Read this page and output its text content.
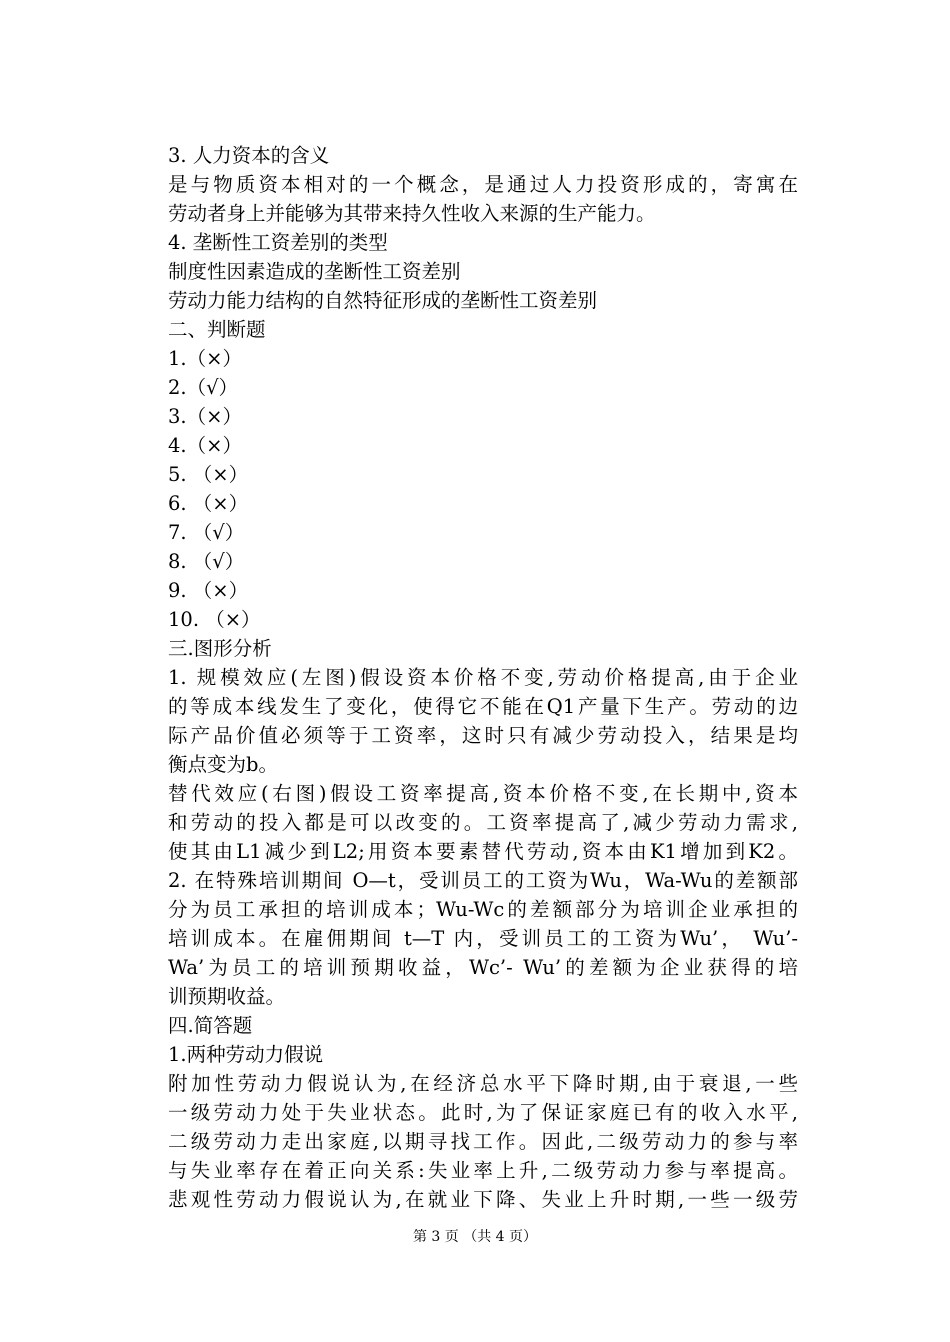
3. 人力资本的含义
是与物质资本相对的一个概念，是通过人力投资形成的，寄寓在
劳动者身上并能够为其带来持久性收入来源的生产能力。
4. 垄断性工资差别的类型
制度性因素造成的垄断性工资差别
劳动力能力结构的自然特征形成的垄断性工资差别
二、判断题
1.（×）
2.（√）
3.（×）
4.（×）
5. （×）
6. （×）
7. （√）
8. （√）
9. （×）
10. （×）
三.图形分析
1. 规模效应(左图)假设资本价格不变,劳动价格提高,由于企业
的等成本线发生了变化，使得它不能在Q1产量下生产。劳动的边
际产品价值必须等于工资率，这时只有减少劳动投入，结果是均
衡点变为b。
替代效应(右图)假设工资率提高,资本价格不变,在长期中,资本
和劳动的投入都是可以改变的。工资率提高了,减少劳动力需求,
使其由L1减少到L2;用资本要素替代劳动,资本由K1增加到K2。
2. 在特殊培训期间 O—t，受训员工的工资为Wu，Wa-Wu的差额部
分为员工承担的培训成本；Wu-Wc的差额部分为培训企业承担的
培训成本。在雇佣期间 t—T 内，受训员工的工资为Wu’， Wu’-
Wa’为员工的培训预期收益，Wc’- Wu’的差额为企业获得的培
训预期收益。
四.简答题
1.两种劳动力假说
附加性劳动力假说认为,在经济总水平下降时期,由于衰退,一些
一级劳动力处于失业状态。此时,为了保证家庭已有的收入水平,
二级劳动力走出家庭,以期寻找工作。因此,二级劳动力的参与率
与失业率存在着正向关系:失业率上升,二级劳动力参与率提高。
悲观性劳动力假说认为,在就业下降、失业上升时期,一些一级劳
第 3 页 （共 4 页）
